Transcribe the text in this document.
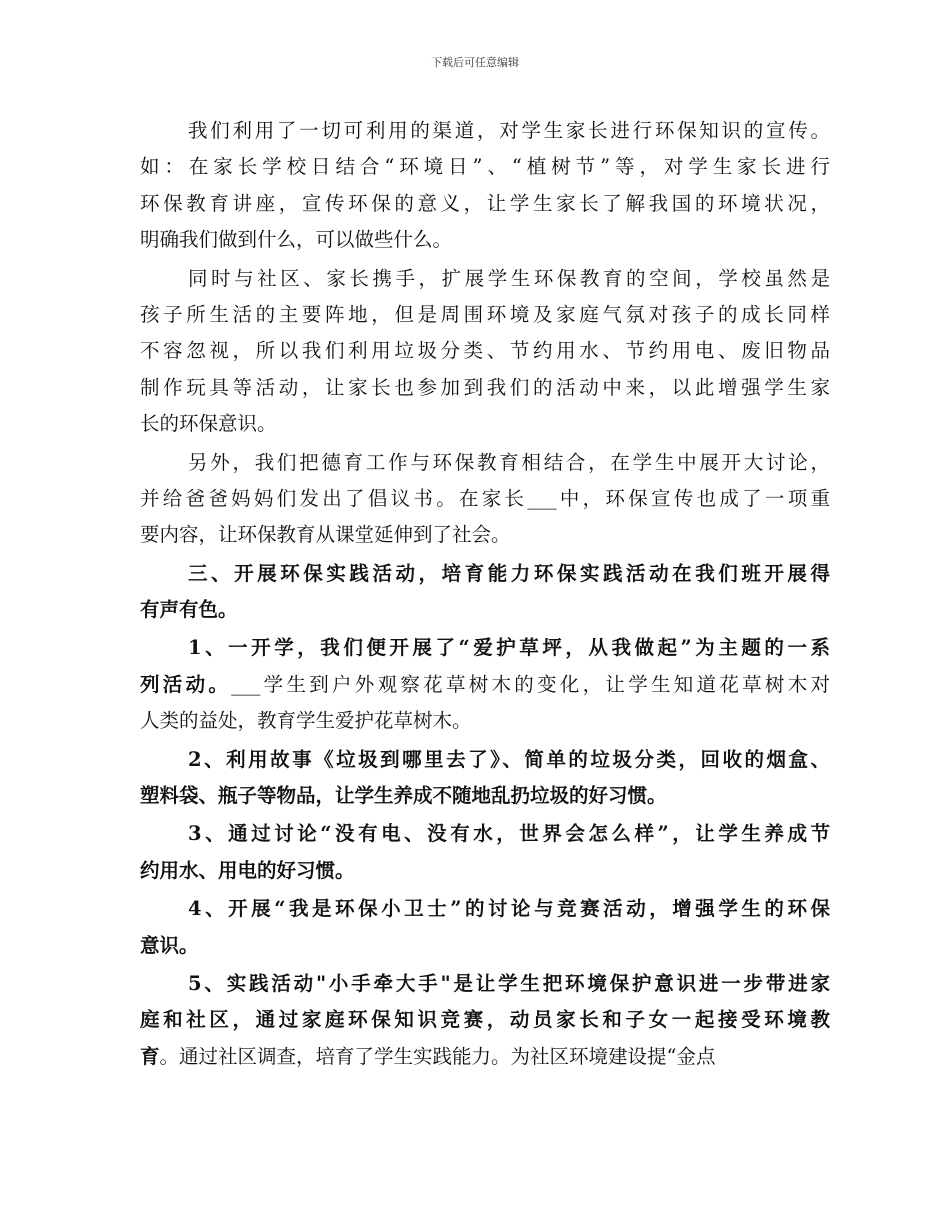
下载后可任意编辑
我们利用了一切可利用的渠道，对学生家长进行环保知识的宣传。
如：在家长学校日结合“环境日”、“植树节”等，对学生家长进行
环保教育讲座，宣传环保的意义，让学生家长了解我国的环境状况，
明确我们做到什么，可以做些什么。
同时与社区、家长携手，扩展学生环保教育的空间，学校虽然是
孩子所生活的主要阵地，但是周围环境及家庭气氛对孩子的成长同样
不容忽视，所以我们利用垃圾分类、节约用水、节约用电、废旧物品
制作玩具等活动，让家长也参加到我们的活动中来，以此增强学生家
长的环保意识。
另外，我们把德育工作与环保教育相结合，在学生中展开大讨论，
并给爸爸妈妈们发出了倡议书。在家长___中，环保宣传也成了一项重
要内容，让环保教育从课堂延伸到了社会。
三、开展环保实践活动，培育能力环保实践活动在我们班开展得
有声有色。
1、一开学，我们便开展了“爱护草坪，从我做起”为主题的一系
列活动。___学生到户外观察花草树木的变化，让学生知道花草树木对
人类的益处，教育学生爱护花草树木。
2、利用故事《垃圾到哪里去了》、简单的垃圾分类，回收的烟盒、
塑料袋、瓶子等物品，让学生养成不随地乱扔垃圾的好习惯。
3、通过讨论“没有电、没有水，世界会怎么样”，让学生养成节
约用水、用电的好习惯。
4、开展“我是环保小卫士”的讨论与竞赛活动，增强学生的环保
意识。
5、实践活动"小手牵大手"是让学生把环境保护意识进一步带进家
庭和社区，通过家庭环保知识竞赛，动员家长和子女一起接受环境教
育。通过社区调查，培育了学生实践能力。为社区环境建设提“金点
